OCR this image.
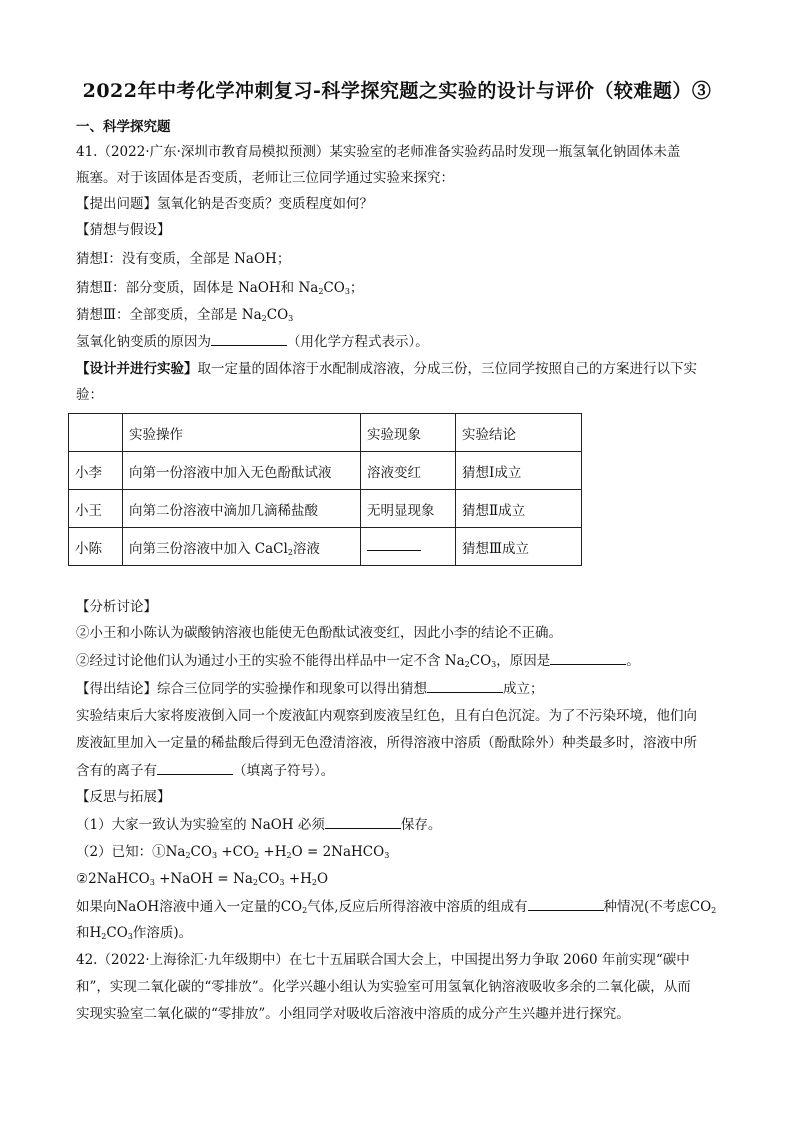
2022年中考化学冲刺复习-科学探究题之实验的设计与评价（较难题）③
一、科学探究题
41.（2022·广东·深圳市教育局模拟预测）某实验室的老师准备实验药品时发现一瓶氢氧化钠固体未盖
瓶塞。对于该固体是否变质，老师让三位同学通过实验来探究：
【提出问题】氢氧化钠是否变质？变质程度如何？
【猜想与假设】
猜想Ⅰ：没有变质，全部是 NaOH；
猜想Ⅱ：部分变质，固体是 NaOH和 $Na_2CO_3$；
猜想Ⅲ：全部变质，全部是 $Na_2CO_3$
氢氧化钠变质的原因为	（用化学方程式表示）。
【设计并进行实验】取一定量的固体溶于水配制成溶液，分成三份，三位同学按照自己的方案进行以下实
验：
	实验操作	实验现象	实验结论
小李	向第一份溶液中加入无色酚酞试液	溶液变红	猜想Ⅰ成立
小王	向第二份溶液中滴加几滴稀盐酸	无明显现象	猜想Ⅱ成立
小陈	向第三份溶液中加入 CaCl$_2$溶液		猜想Ⅲ成立
【分析讨论】
②小王和小陈认为碳酸钠溶液也能使无色酚酞试液变红，因此小李的结论不正确。
②经过讨论他们认为通过小王的实验不能得出样品中一定不含 $Na_2CO_3$，原因是	。
【得出结论】综合三位同学的实验操作和现象可以得出猜想	成立；
实验结束后大家将废液倒入同一个废液缸内观察到废液呈红色，且有白色沉淀。为了不污染环境，他们向
废液缸里加入一定量的稀盐酸后得到无色澄清溶液，所得溶液中溶质（酚酞除外）种类最多时，溶液中所
含有的离子有	（填离子符号）。
【反思与拓展】
（1）大家一致认为实验室的 NaOH 必须	保存。
（2）已知：$①Na_2CO_3 +CO_2 +H_2O$ = 2NaHCO$_3$
②2NaHCO$_3$ +NaOH = $Na_2CO_3 +H_2O$
如果向NaOH溶液中通入一定量的$CO_2$气体,反应后所得溶液中溶质的组成有	种情况(不考虑$CO_2$
和$H_2CO_3$作溶质)。
42.（2022·上海徐汇·九年级期中）在七十五届联合国大会上，中国提出努力争取 2060 年前实现“碳中
和”，实现二氧化碳的“零排放”。化学兴趣小组认为实验室可用氢氧化钠溶液吸收多余的二氧化碳，从而
实现实验室二氧化碳的“零排放”。小组同学对吸收后溶液中溶质的成分产生兴趣并进行探究。
